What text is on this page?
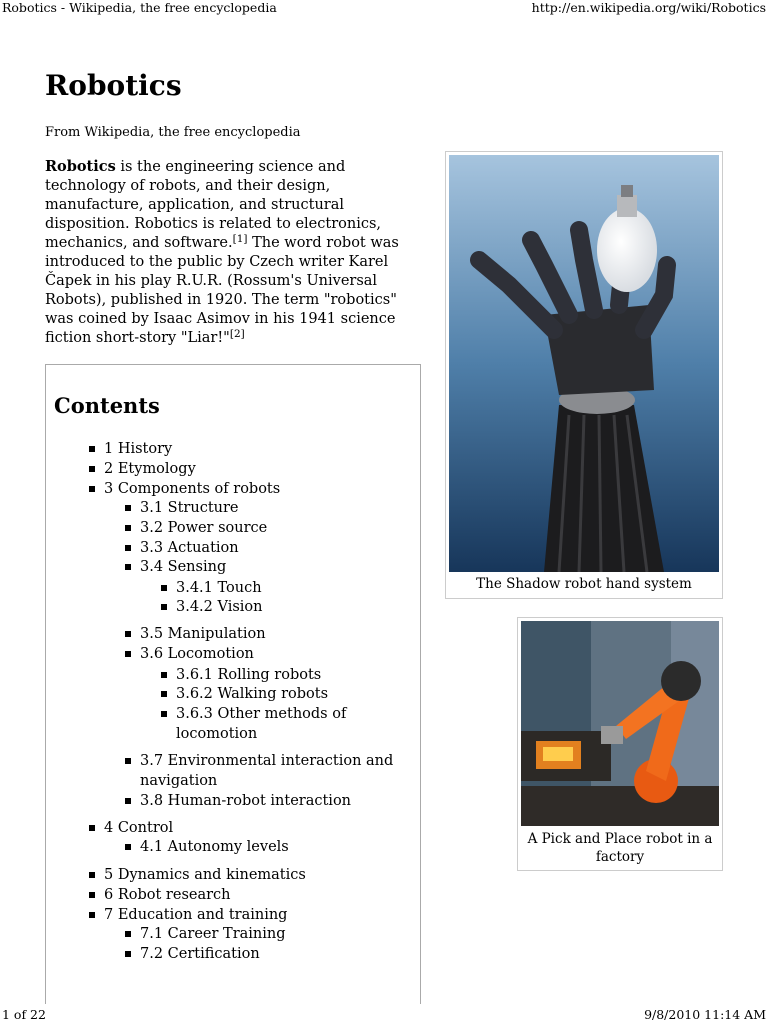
Robotics - Wikipedia, the free encyclopedia	http://en.wikipedia.org/wiki/Robotics
1 of 22	9/8/2010 11:14 AM
Robotics
From Wikipedia, the free encyclopedia

Robotics is the engineering science and technology of robots, and their design, manufacture, application, and structural disposition. Robotics is related to electronics, mechanics, and software.[1] The word robot was introduced to the public by Czech writer Karel Čapek in his play R.U.R. (Rossum's Universal Robots), published in 1920. The term "robotics" was coined by Isaac Asimov in his 1941 science fiction short-story "Liar!"[2]

Contents
1 History
2 Etymology
3 Components of robots
3.1 Structure
3.2 Power source
3.3 Actuation
3.4 Sensing
3.4.1 Touch
3.4.2 Vision
3.5 Manipulation
3.6 Locomotion
3.6.1 Rolling robots
3.6.2 Walking robots
3.6.3 Other methods of
locomotion
3.7 Environmental interaction and
navigation
3.8 Human-robot interaction
4 Control
4.1 Autonomy levels
5 Dynamics and kinematics
6 Robot research
7 Education and training
7.1 Career Training
7.2 Certification
The Shadow robot hand system
A Pick and Place robot in a
factory
